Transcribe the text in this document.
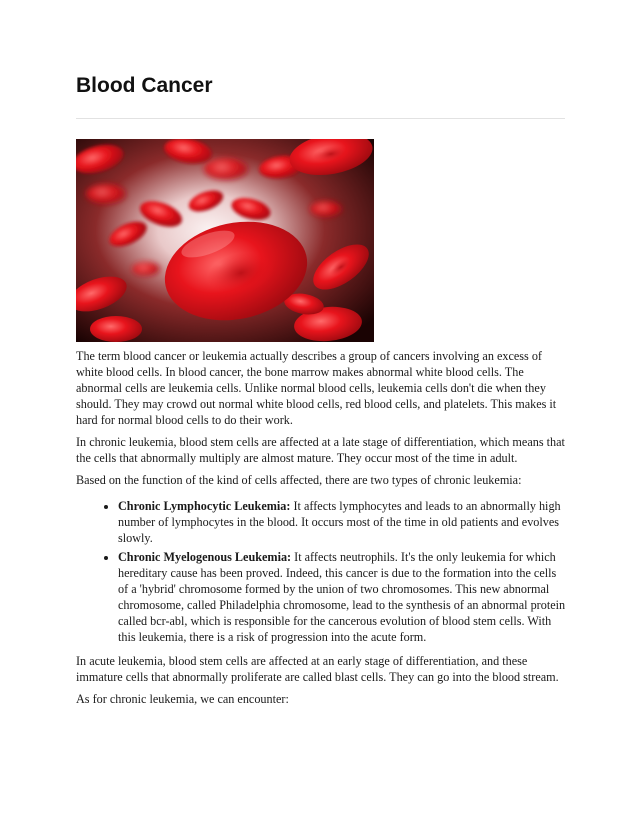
Blood Cancer

The term blood cancer or leukemia actually describes a group of cancers involving an excess of white blood cells. In blood cancer, the bone marrow makes abnormal white blood cells. The abnormal cells are leukemia cells. Unlike normal blood cells, leukemia cells don't die when they should. They may crowd out normal white blood cells, red blood cells, and platelets. This makes it hard for normal blood cells to do their work.

In chronic leukemia, blood stem cells are affected at a late stage of differentiation, which means that the cells that abnormally multiply are almost mature. They occur most of the time in adult.

Based on the function of the kind of cells affected, there are two types of chronic leukemia:

• Chronic Lymphocytic Leukemia: It affects lymphocytes and leads to an abnormally high number of lymphocytes in the blood. It occurs most of the time in old patients and evolves slowly.
• Chronic Myelogenous Leukemia: It affects neutrophils. It's the only leukemia for which hereditary cause has been proved. Indeed, this cancer is due to the formation into the cells of a 'hybrid' chromosome formed by the union of two chromosomes. This new abnormal chromosome, called Philadelphia chromosome, lead to the synthesis of an abnormal protein called bcr-abl, which is responsible for the cancerous evolution of blood stem cells. With this leukemia, there is a risk of progression into the acute form.

In acute leukemia, blood stem cells are affected at an early stage of differentiation, and these immature cells that abnormally proliferate are called blast cells. They can go into the blood stream.

As for chronic leukemia, we can encounter:
